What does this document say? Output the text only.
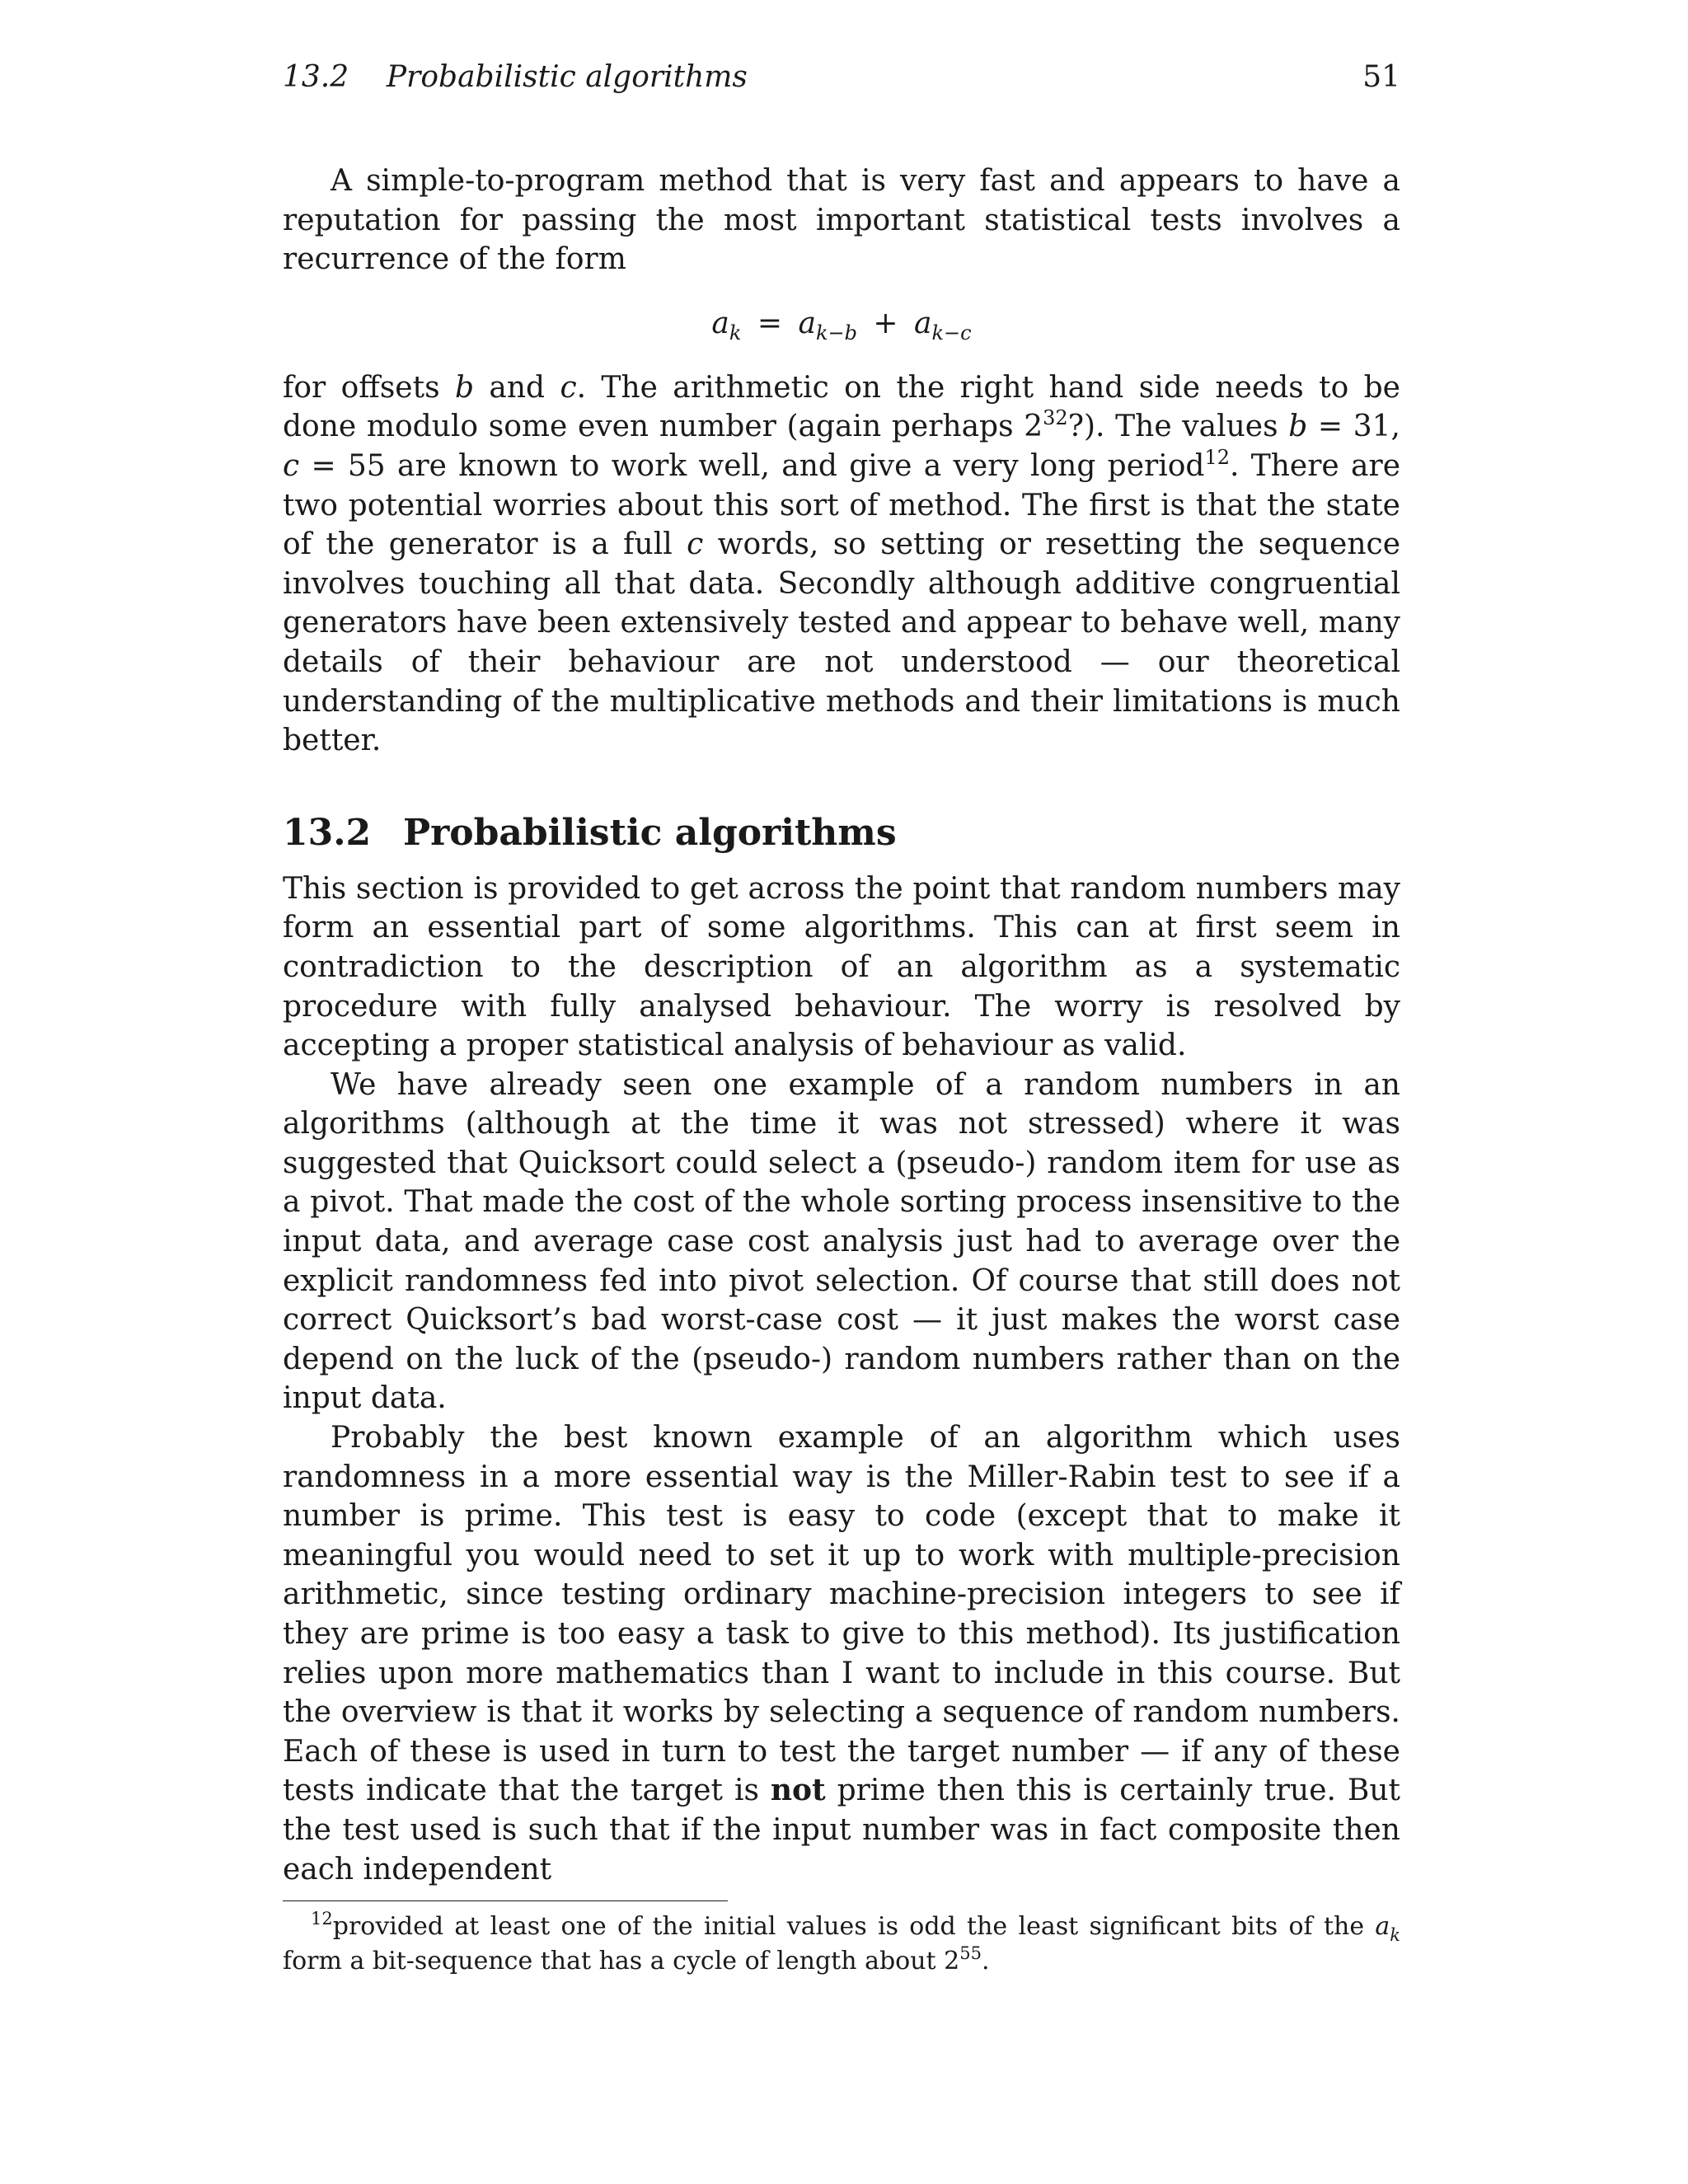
13.2    Probabilistic algorithms	51

A simple-to-program method that is very fast and appears to have a reputation for passing the most important statistical tests involves a recurrence of the form

$a_k = a_{k-b} + a_{k-c}$

for offsets b and c. The arithmetic on the right hand side needs to be done modulo some even number (again perhaps $2^{32}$?). The values b = 31, c = 55 are known to work well, and give a very long period$^{12}$. There are two potential worries about this sort of method. The first is that the state of the generator is a full c words, so setting or resetting the sequence involves touching all that data. Secondly although additive congruential generators have been extensively tested and appear to behave well, many details of their behaviour are not understood — our theoretical understanding of the multiplicative methods and their limitations is much better.

13.2 Probabilistic algorithms

This section is provided to get across the point that random numbers may form an essential part of some algorithms. This can at first seem in contradiction to the description of an algorithm as a systematic procedure with fully analysed behaviour. The worry is resolved by accepting a proper statistical analysis of behaviour as valid.

We have already seen one example of a random numbers in an algorithms (although at the time it was not stressed) where it was suggested that Quicksort could select a (pseudo-) random item for use as a pivot. That made the cost of the whole sorting process insensitive to the input data, and average case cost analysis just had to average over the explicit randomness fed into pivot selection. Of course that still does not correct Quicksort’s bad worst-case cost — it just makes the worst case depend on the luck of the (pseudo-) random numbers rather than on the input data.

Probably the best known example of an algorithm which uses randomness in a more essential way is the Miller-Rabin test to see if a number is prime. This test is easy to code (except that to make it meaningful you would need to set it up to work with multiple-precision arithmetic, since testing ordinary machine-precision integers to see if they are prime is too easy a task to give to this method). Its justification relies upon more mathematics than I want to include in this course. But the overview is that it works by selecting a sequence of random numbers. Each of these is used in turn to test the target number — if any of these tests indicate that the target is not prime then this is certainly true. But the test used is such that if the input number was in fact composite then each independent

$^{12}$provided at least one of the initial values is odd the least significant bits of the $a_k$ form a bit-sequence that has a cycle of length about $2^{55}$.
